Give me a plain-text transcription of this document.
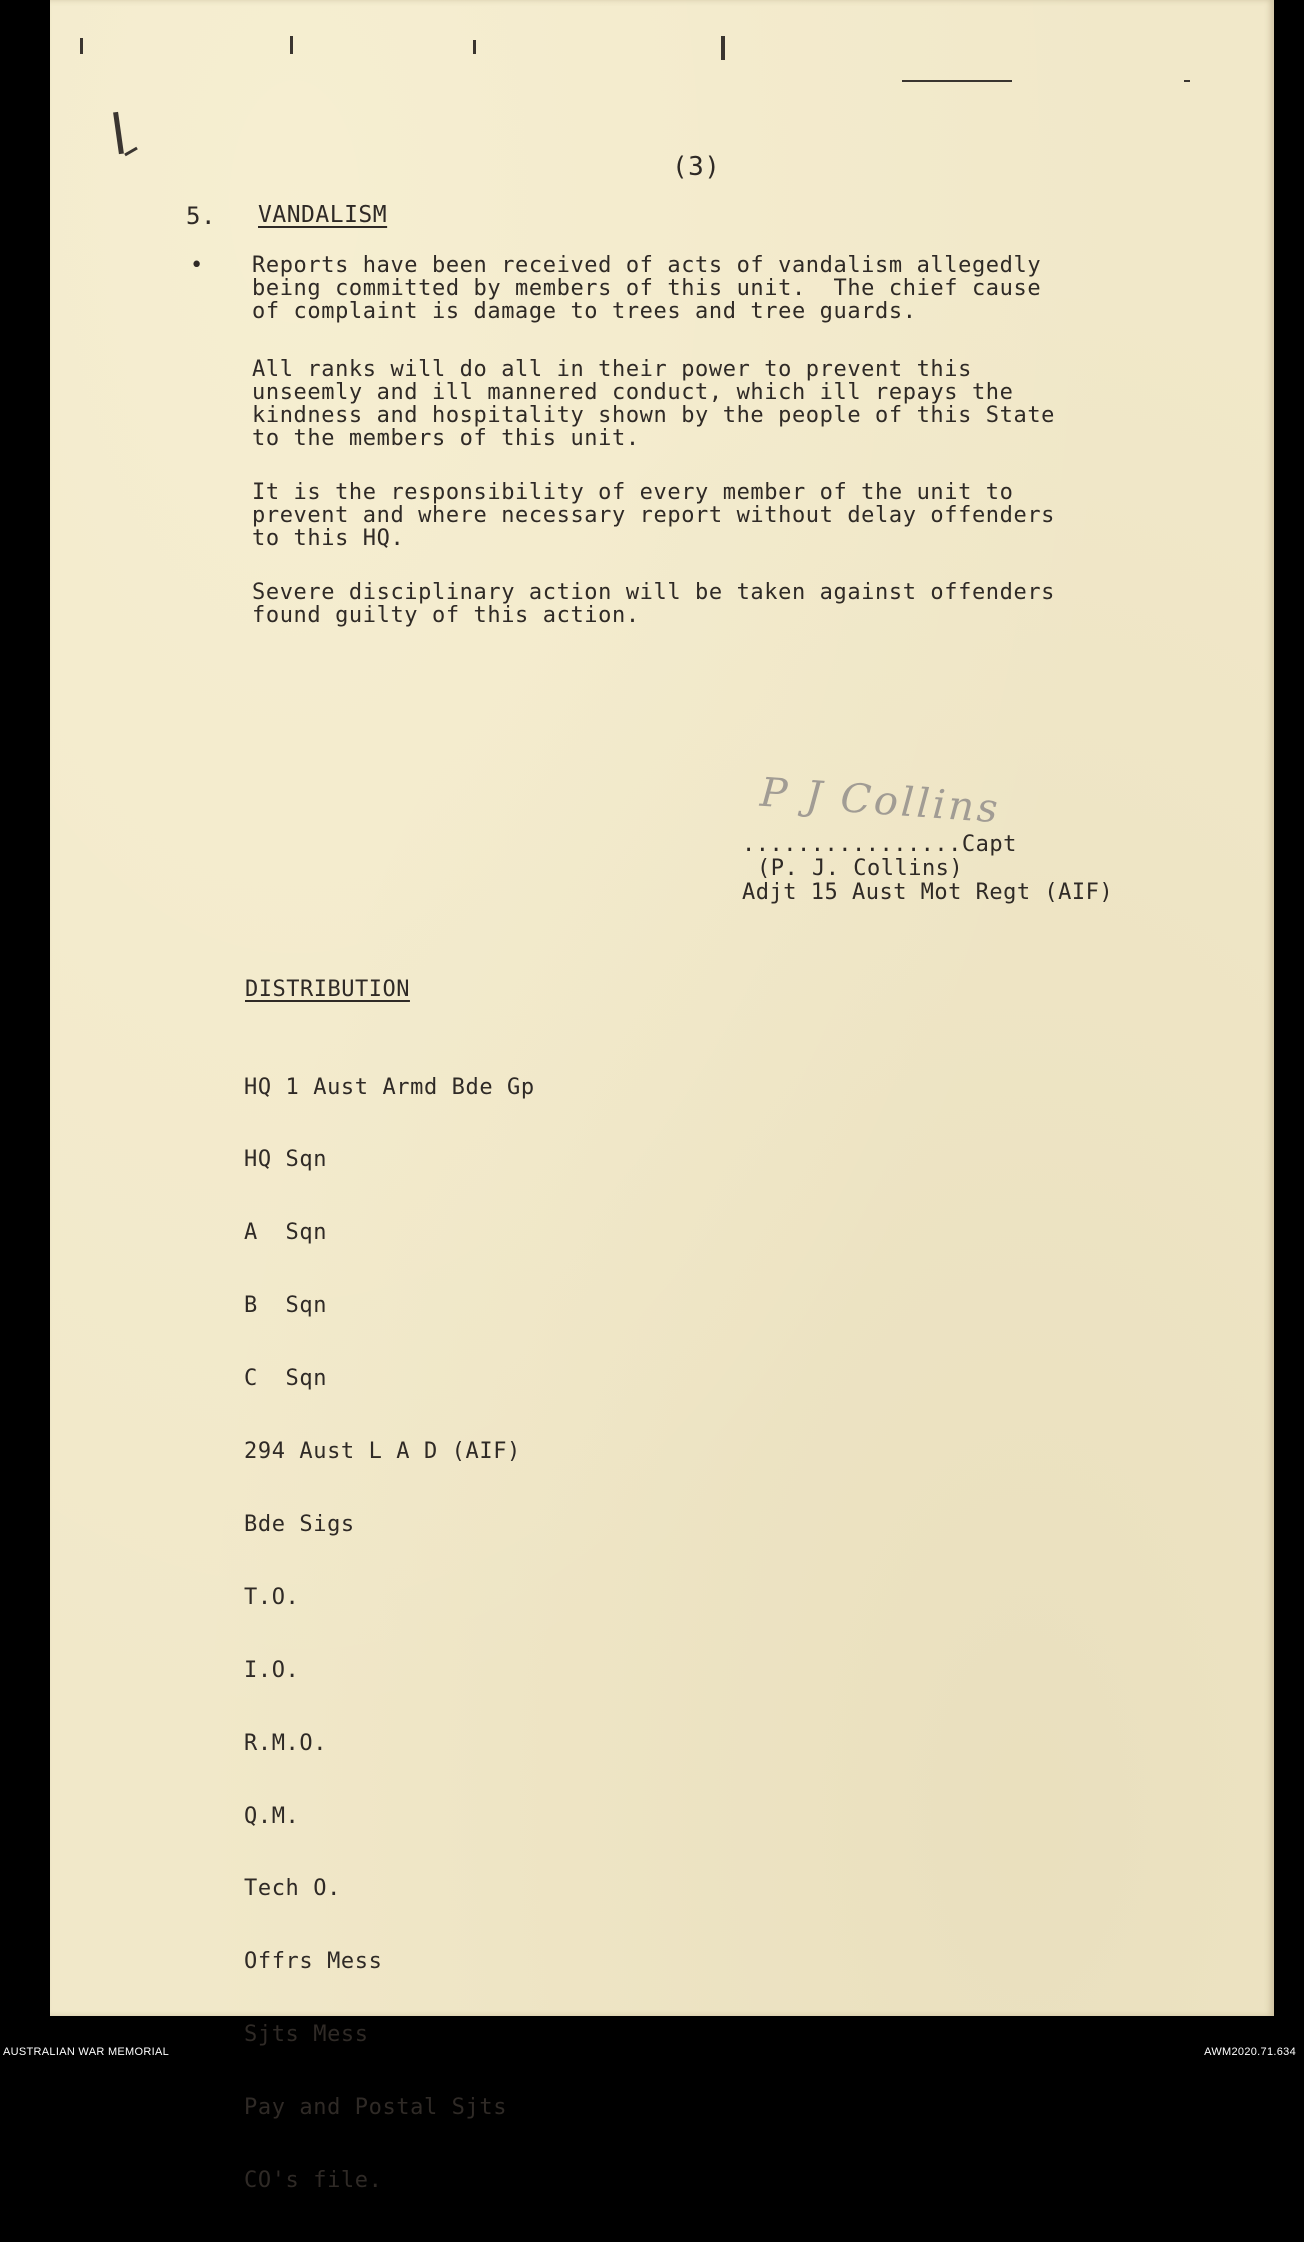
(3)
5. VANDALISM
• Reports have been received of acts of vandalism allegedly
being committed by members of this unit.  The chief cause
of complaint is damage to trees and tree guards.
All ranks will do all in their power to prevent this
unseemly and ill mannered conduct, which ill repays the
kindness and hospitality shown by the people of this State
to the members of this unit.
It is the responsibility of every member of the unit to
prevent and where necessary report without delay offenders
to this HQ.
Severe disciplinary action will be taken against offenders
found guilty of this action.
P J Collins
................Capt
(P. J. Collins)
Adjt 15 Aust Mot Regt (AIF)
DISTRIBUTION

HQ 1 Aust Armd Bde Gp

HQ Sqn

A  Sqn

B  Sqn

C  Sqn

294 Aust L A D (AIF)

Bde Sigs

T.O.

I.O.

R.M.O.

Q.M.

Tech O.

Offrs Mess

Sjts Mess

Pay and Postal Sjts

CO's file.

AUSTRALIAN WAR MEMORIAL	AWM2020.71.634
